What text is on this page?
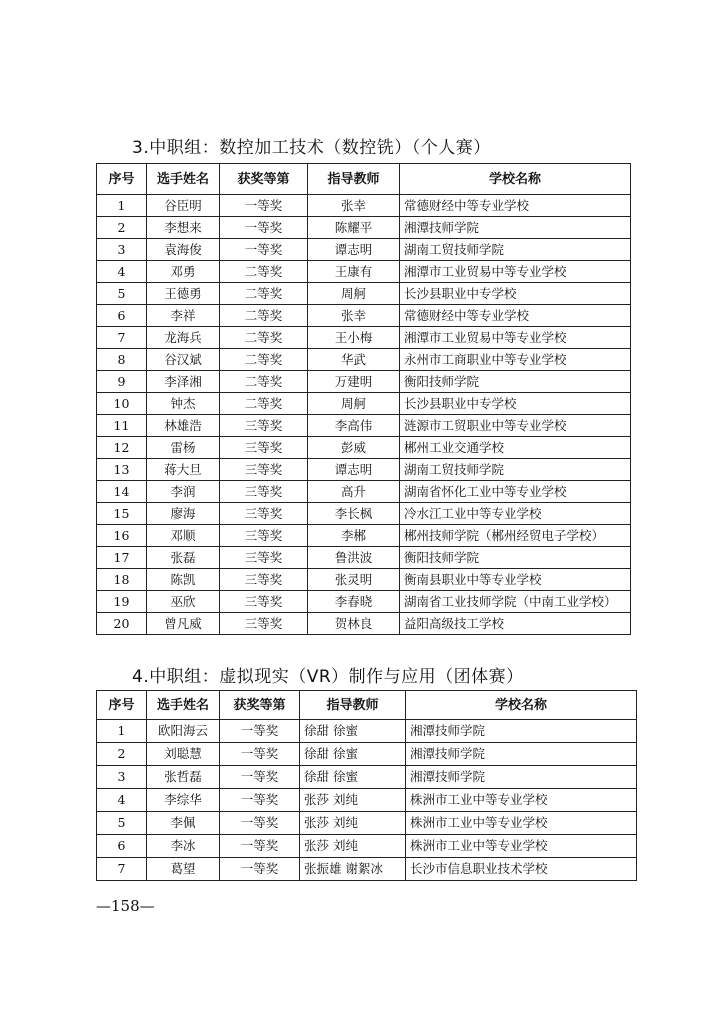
3.中职组：数控加工技术（数控铣）（个人赛）
序号	选手姓名	获奖等第	指导教师	学校名称
1	谷臣明	一等奖	张幸	常德财经中等专业学校
2	李想来	一等奖	陈耀平	湘潭技师学院
3	袁海俊	一等奖	谭志明	湖南工贸技师学院
4	邓勇	二等奖	王康有	湘潭市工业贸易中等专业学校
5	王德勇	二等奖	周舸	长沙县职业中专学校
6	李祥	二等奖	张幸	常德财经中等专业学校
7	龙海兵	二等奖	王小梅	湘潭市工业贸易中等专业学校
8	谷汉斌	二等奖	华武	永州市工商职业中等专业学校
9	李泽湘	二等奖	万建明	衡阳技师学院
10	钟杰	二等奖	周舸	长沙县职业中专学校
11	林雄浩	三等奖	李高伟	涟源市工贸职业中等专业学校
12	雷杨	三等奖	彭威	郴州工业交通学校
13	蒋大旦	三等奖	谭志明	湖南工贸技师学院
14	李润	三等奖	高升	湖南省怀化工业中等专业学校
15	廖海	三等奖	李长枫	冷水江工业中等专业学校
16	邓顺	三等奖	李郴	郴州技师学院（郴州经贸电子学校）
17	张磊	三等奖	鲁洪波	衡阳技师学院
18	陈凯	三等奖	张灵明	衡南县职业中等专业学校
19	巫欣	三等奖	李春晓	湖南省工业技师学院（中南工业学校）
20	曾凡威	三等奖	贺林良	益阳高级技工学校
4.中职组：虚拟现实（VR）制作与应用（团体赛）
序号	选手姓名	获奖等第	指导教师	学校名称
1	欧阳海云	一等奖	徐甜 徐蜜	湘潭技师学院
2	刘聪慧	一等奖	徐甜 徐蜜	湘潭技师学院
3	张哲磊	一等奖	徐甜 徐蜜	湘潭技师学院
4	李综华	一等奖	张莎 刘纯	株洲市工业中等专业学校
5	李佩	一等奖	张莎 刘纯	株洲市工业中等专业学校
6	李冰	一等奖	张莎 刘纯	株洲市工业中等专业学校
7	葛望	一等奖	张振雄 谢絮冰	长沙市信息职业技术学校
—158—
